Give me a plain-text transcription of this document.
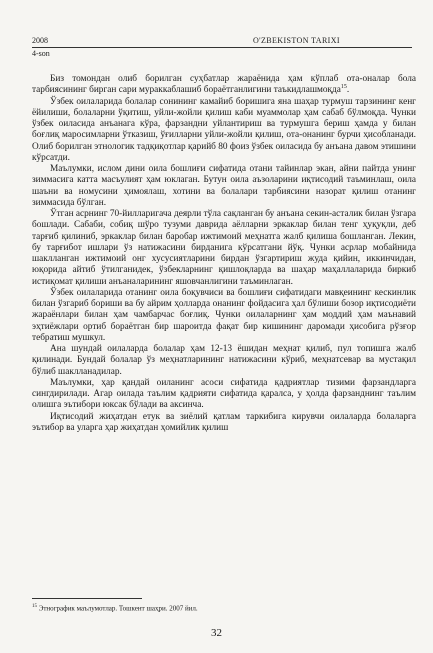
2008	O'ZBEKISTON TARIXI
4-son

Биз томондан олиб борилган суҳбатлар жараёнида ҳам кўплаб ота-оналар бола тарбиясининг бирган сари мураккаблашиб бораётганлигини таъкидлашмоқда$^{15}$.

Ўзбек оилаларида болалар сонининг камайиб боришига яна шаҳар турмуш тарзининг кенг ёйилиши, болаларни ўқитиш, уйли-жойли қилиш каби муаммолар ҳам сабаб бўлмоқда. Чунки ўзбек оиласида анъанага кўра, фарзандни уйлантириш ва турмушга бериш ҳамда у билан боғлиқ маросимларни ўтказиш, ўғилларни уйли-жойли қилиш, ота-онанинг бурчи ҳисобланади. Олиб борилган этнологик тадқиқотлар қарийб 80 фоиз ўзбек оиласида бу анъана давом этишини кўрсатди.

Маълумки, ислом дини оила бошлиғи сифатида отани тайинлар экан, айни пайтда унинг зиммасига катта масъулият ҳам юклаган. Бутун оила аъзоларини иқтисодий таъминлаш, оила шаъни ва номусини ҳимоялаш, хотини ва болалари тарбиясини назорат қилиш отанинг зиммасида бўлган.

Ўтган асрнинг 70-йилларигача деярли тўла сақланган бу анъана секин-асталик билан ўзгара бошлади. Сабаби, собиқ шўро тузуми даврида аёлларни эркаклар билан тенг ҳуқуқли, деб тарғиб қилиниб, эркаклар билан баробар ижтимоий меҳнатга жалб қилиша бошланган. Лекин, бу тарғибот ишлари ўз натижасини бирданига кўрсатгани йўқ. Чунки асрлар мобайнида шаклланган ижтимоий онг хусусиятларини бирдан ўзгартириш жуда қийин, иккинчидан, юқорида айтиб ўтилганидек, ўзбекларнинг қишлоқларда ва шаҳар маҳаллаларида биркиб истиқомат қилиши анъаналарининг яшовчанлигини таъминлаган.

Ўзбек оилаларида отанинг оила боқувчиси ва бошлиғи сифатидаги мавқеининг кескинлик билан ўзгариб бориши ва бу айрим ҳолларда онанинг фойдасига ҳал бўлиши бозор иқтисодиёти жараёнлари билан ҳам чамбарчас боғлиқ. Чунки оилаларнинг ҳам моддий ҳам маънавий эҳтиёжлари ортиб бораётган бир шароитда фақат бир кишининг даромади ҳисобига рўзғор тебратиш мушкул.

Ана шундай оилаларда болалар ҳам 12-13 ёшидан меҳнат қилиб, пул топишга жалб қилинади. Бундай болалар ўз меҳнатларининг натижасини кўриб, меҳнатсевар ва мустақил бўлиб шаклланадилар.

Маълумки, ҳар қандай оиланинг асоси сифатида қадриятлар тизими фарзандларга сингдирилади. Агар оилада таълим қадрияти сифатида қаралса, у ҳолда фарзанднинг таълим олишга эътибори юксак бўлади ва аксинча.

Иқтисодий жиҳатдан етук ва зиёлий қатлам таркибига кирувчи оилаларда болаларга эътибор ва уларга ҳар жиҳатдан ҳомийлик қилиш

$^{15}$ Этнографик маълумотлар. Тошкент шаҳри. 2007 йил.
32
